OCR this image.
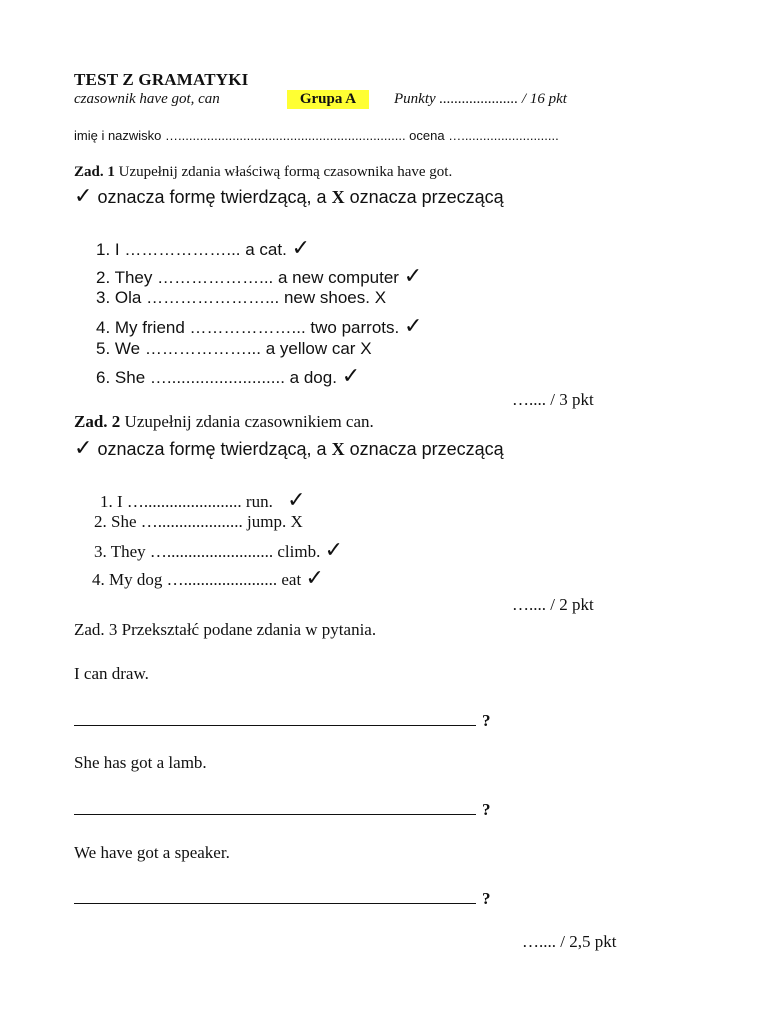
TEST Z GRAMATYKI
czasownik have got, can	Grupa A	Punkty ..................... / 16 pkt
imię i nazwisko …............................................................... ocena …...........................
Zad. 1 Uzupełnij zdania właściwą formą czasownika have got.
✓ oznacza formę twierdzącą, a X oznacza przeczącą
1. I ………………... a cat. ✓
2. They ………………... a new computer ✓
3. Ola …………………... new shoes. X
4. My friend ………………... two parrots. ✓
5. We ………………... a yellow car X
6. She …......................... a dog. ✓
….... / 3 pkt
Zad. 2 Uzupełnij zdania czasownikiem can.
✓ oznacza formę twierdzącą, a X oznacza przeczącą
1. I …....................... run. ✓
2. She ….................... jump. X
3. They …......................... climb. ✓
4. My dog …...................... eat ✓
….... / 2 pkt
Zad. 3 Przekształć podane zdania w pytania.
I can draw.
?
She has got a lamb.
?
We have got a speaker.
?
….... / 2,5 pkt
